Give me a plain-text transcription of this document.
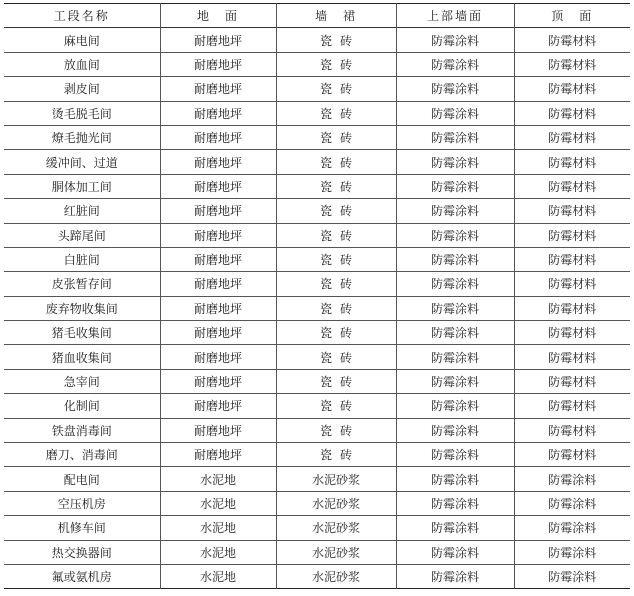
工段名称	地　面	墙　裙	上部墙面	顶　面
麻电间	耐磨地坪	瓷砖	防霉涂料	防霉材料
放血间	耐磨地坪	瓷砖	防霉涂料	防霉材料
剥皮间	耐磨地坪	瓷砖	防霉涂料	防霉材料
烫毛脱毛间	耐磨地坪	瓷砖	防霉涂料	防霉材料
燎毛抛光间	耐磨地坪	瓷砖	防霉涂料	防霉材料
缓冲间、过道	耐磨地坪	瓷砖	防霉涂料	防霉材料
胴体加工间	耐磨地坪	瓷砖	防霉涂料	防霉材料
红脏间	耐磨地坪	瓷砖	防霉涂料	防霉材料
头蹄尾间	耐磨地坪	瓷砖	防霉涂料	防霉材料
白脏间	耐磨地坪	瓷砖	防霉涂料	防霉材料
皮张暂存间	耐磨地坪	瓷砖	防霉涂料	防霉材料
废弃物收集间	耐磨地坪	瓷砖	防霉涂料	防霉材料
猪毛收集间	耐磨地坪	瓷砖	防霉涂料	防霉材料
猪血收集间	耐磨地坪	瓷砖	防霉涂料	防霉材料
急宰间	耐磨地坪	瓷砖	防霉涂料	防霉材料
化制间	耐磨地坪	瓷砖	防霉涂料	防霉材料
铁盘消毒间	耐磨地坪	瓷砖	防霉涂料	防霉材料
磨刀、消毒间	耐磨地坪	瓷砖	防霉涂料	防霉材料
配电间	水泥地	水泥砂浆	防霉涂料	防霉涂料
空压机房	水泥地	水泥砂浆	防霉涂料	防霉涂料
机修车间	水泥地	水泥砂浆	防霉涂料	防霉涂料
热交换器间	水泥地	水泥砂浆	防霉涂料	防霉涂料
氟或氨机房	水泥地	水泥砂浆	防霉涂料	防霉涂料
